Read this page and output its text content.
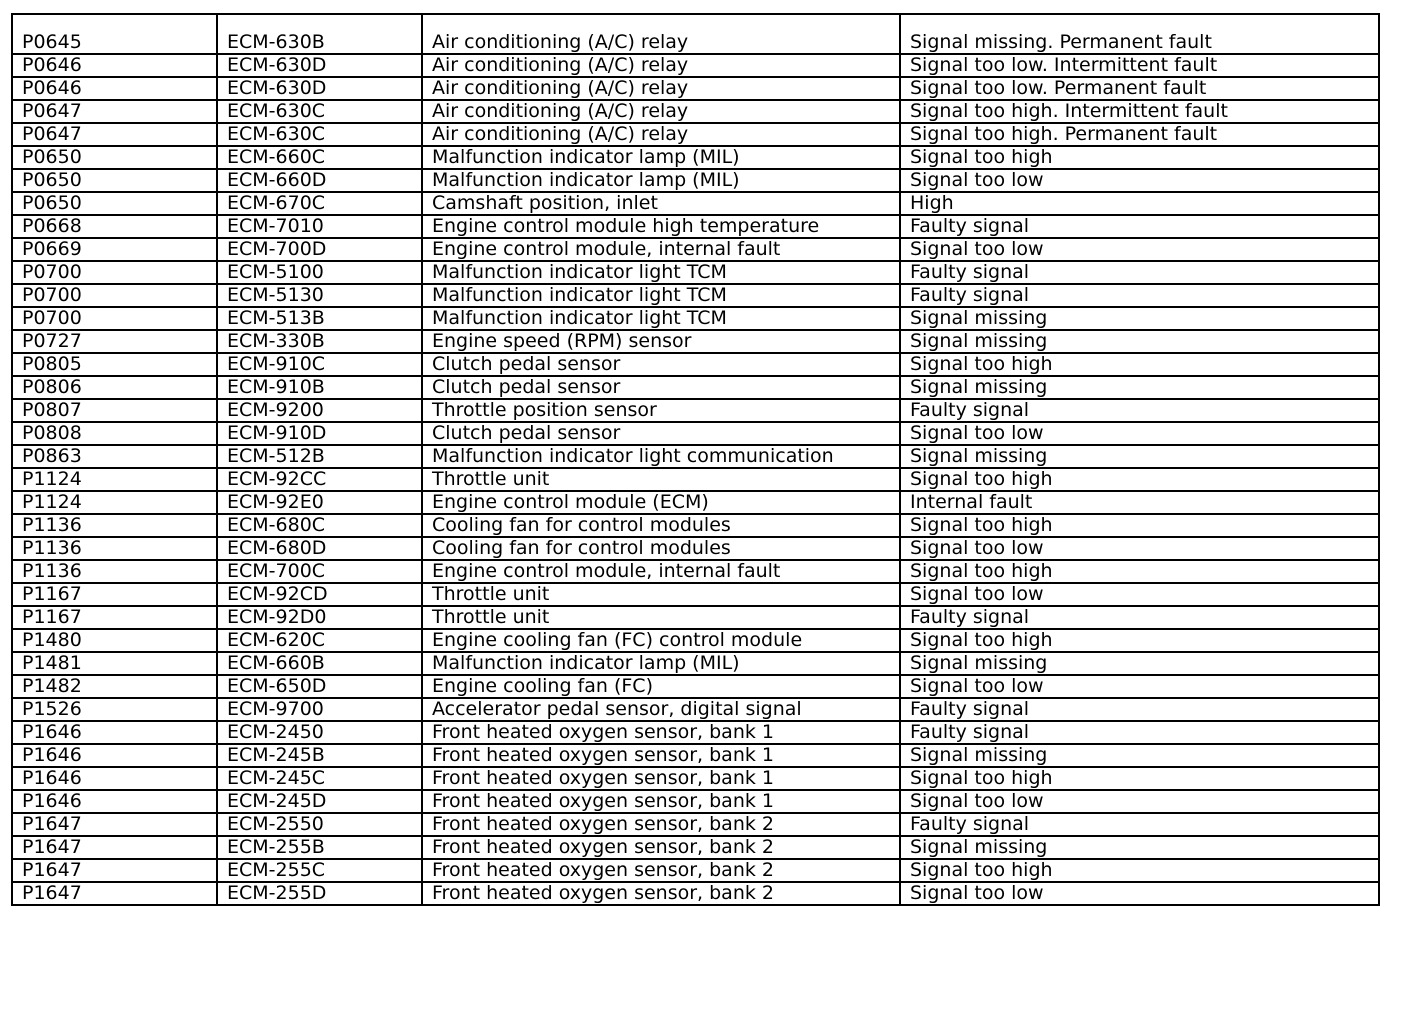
P0645	ECM-630B	Air conditioning (A/C) relay	Signal missing. Permanent fault
P0646	ECM-630D	Air conditioning (A/C) relay	Signal too low. Intermittent fault
P0646	ECM-630D	Air conditioning (A/C) relay	Signal too low. Permanent fault
P0647	ECM-630C	Air conditioning (A/C) relay	Signal too high. Intermittent fault
P0647	ECM-630C	Air conditioning (A/C) relay	Signal too high. Permanent fault
P0650	ECM-660C	Malfunction indicator lamp (MIL)	Signal too high
P0650	ECM-660D	Malfunction indicator lamp (MIL)	Signal too low
P0650	ECM-670C	Camshaft position, inlet	High
P0668	ECM-7010	Engine control module high temperature	Faulty signal
P0669	ECM-700D	Engine control module, internal fault	Signal too low
P0700	ECM-5100	Malfunction indicator light TCM	Faulty signal
P0700	ECM-5130	Malfunction indicator light TCM	Faulty signal
P0700	ECM-513B	Malfunction indicator light TCM	Signal missing
P0727	ECM-330B	Engine speed (RPM) sensor	Signal missing
P0805	ECM-910C	Clutch pedal sensor	Signal too high
P0806	ECM-910B	Clutch pedal sensor	Signal missing
P0807	ECM-9200	Throttle position sensor	Faulty signal
P0808	ECM-910D	Clutch pedal sensor	Signal too low
P0863	ECM-512B	Malfunction indicator light communication	Signal missing
P1124	ECM-92CC	Throttle unit	Signal too high
P1124	ECM-92E0	Engine control module (ECM)	Internal fault
P1136	ECM-680C	Cooling fan for control modules	Signal too high
P1136	ECM-680D	Cooling fan for control modules	Signal too low
P1136	ECM-700C	Engine control module, internal fault	Signal too high
P1167	ECM-92CD	Throttle unit	Signal too low
P1167	ECM-92D0	Throttle unit	Faulty signal
P1480	ECM-620C	Engine cooling fan (FC) control module	Signal too high
P1481	ECM-660B	Malfunction indicator lamp (MIL)	Signal missing
P1482	ECM-650D	Engine cooling fan (FC)	Signal too low
P1526	ECM-9700	Accelerator pedal sensor, digital signal	Faulty signal
P1646	ECM-2450	Front heated oxygen sensor, bank 1	Faulty signal
P1646	ECM-245B	Front heated oxygen sensor, bank 1	Signal missing
P1646	ECM-245C	Front heated oxygen sensor, bank 1	Signal too high
P1646	ECM-245D	Front heated oxygen sensor, bank 1	Signal too low
P1647	ECM-2550	Front heated oxygen sensor, bank 2	Faulty signal
P1647	ECM-255B	Front heated oxygen sensor, bank 2	Signal missing
P1647	ECM-255C	Front heated oxygen sensor, bank 2	Signal too high
P1647	ECM-255D	Front heated oxygen sensor, bank 2	Signal too low
